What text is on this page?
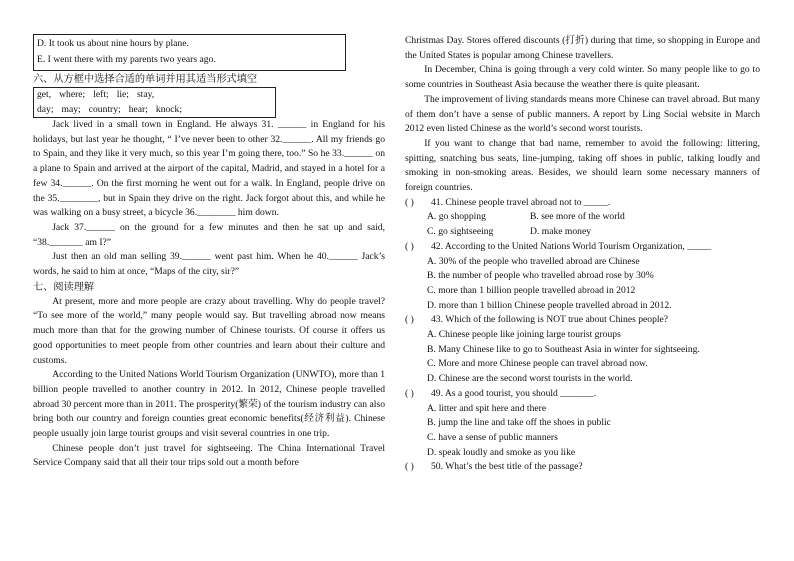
D. It took us about nine hours by plane.
E. I went there with my parents two years ago.
六、从方框中选择合适的单词并用其适当形式填空
get, where; left; lie; stay,
day; may; country; hear; knock;

Jack lived in a small town in England. He always 31. ______ in England for his holidays, but last year he thought, “ I’ve never been to other 32.______. All my friends go to Spain, and they like it very much, so this year I’m going there, too.” So he 33.______ on a plane to Spain and arrived at the airport of the capital, Madrid, and stayed in a hotel for a few 34.______. On the first morning he went out for a walk. In England, people drive on the 35.________, but in Spain they drive on the right. Jack forgot about this, and while he was walking on a busy street, a bicycle 36.________ him down.

Jack 37.______ on the ground for a few minutes and then he sat up and said, “38._______ am I?”

Just then an old man selling 39.______ went past him. When he 40.______ Jack’s words, he said to him at once, “Maps of the city, sir?”

七、阅读理解

At present, more and more people are crazy about travelling. Why do people travel? “To see more of the world,” many people would say. But travelling abroad now means much more than that for the growing number of Chinese tourists. Of course it offers us good opportunities to meet people from other countries and learn about their culture and customs.

According to the United Nations World Tourism Organization (UNWTO), more than 1 billion people travelled to another country in 2012. In 2012, Chinese people travelled abroad 30 percent more than in 2011. The prosperity(繁荣) of the tourism industry can also bring both our country and foreign counties great economic benefits(经济利益). Chinese people usually join large tourist groups and visit several countries in one trip.

Chinese people don’t just travel for sightseeing. The China International Travel Service Company said that all their tour trips sold out a month before

Christmas Day. Stores offered discounts (打折) during that time, so shopping in Europe and the United States is popular among Chinese travellers.

In December, China is going through a very cold winter. So many people like to go to some countries in Southeast Asia because the weather there is quite pleasant.

The improvement of living standards means more Chinese can travel abroad. But many of them don’t have a sense of public manners. A report by Ling Social website in March 2012 even listed Chinese as the world’s second worst tourists.

If you want to change that bad name, remember to avoid the following: littering, spitting, snatching bus seats, line-jumping, taking off shoes in public, talking loudly and smoking in non-smoking areas. Besides, we should learn some necessary manners of foreign countries.

( )	41. Chinese people travel abroad not to _____.
A. go shopping	B. see more of the world
C. go sightseeing	D. make money
( )	42. According to the United Nations World Tourism Organization, _____
A. 30% of the people who travelled abroad are Chinese
B. the number of people who travelled abroad rose by 30%
C. more than 1 billion people travelled abroad in 2012
D. more than 1 billion Chinese people travelled abroad in 2012.
( )	43. Which of the following is NOT true about Chines people?
A. Chinese people like joining large tourist groups
B. Many Chinese like to go to Southeast Asia in winter for sightseeing.
C. More and more Chinese people can travel abroad now.
D. Chinese are the second worst tourists in the world.
( )	49. As a good tourist, you should _______.
A. litter and spit here and there
B. jump the line and take off the shoes in public
C. have a sense of public manners
D. speak loudly and smoke as you like
( )	50. What’s the best title of the passage?
